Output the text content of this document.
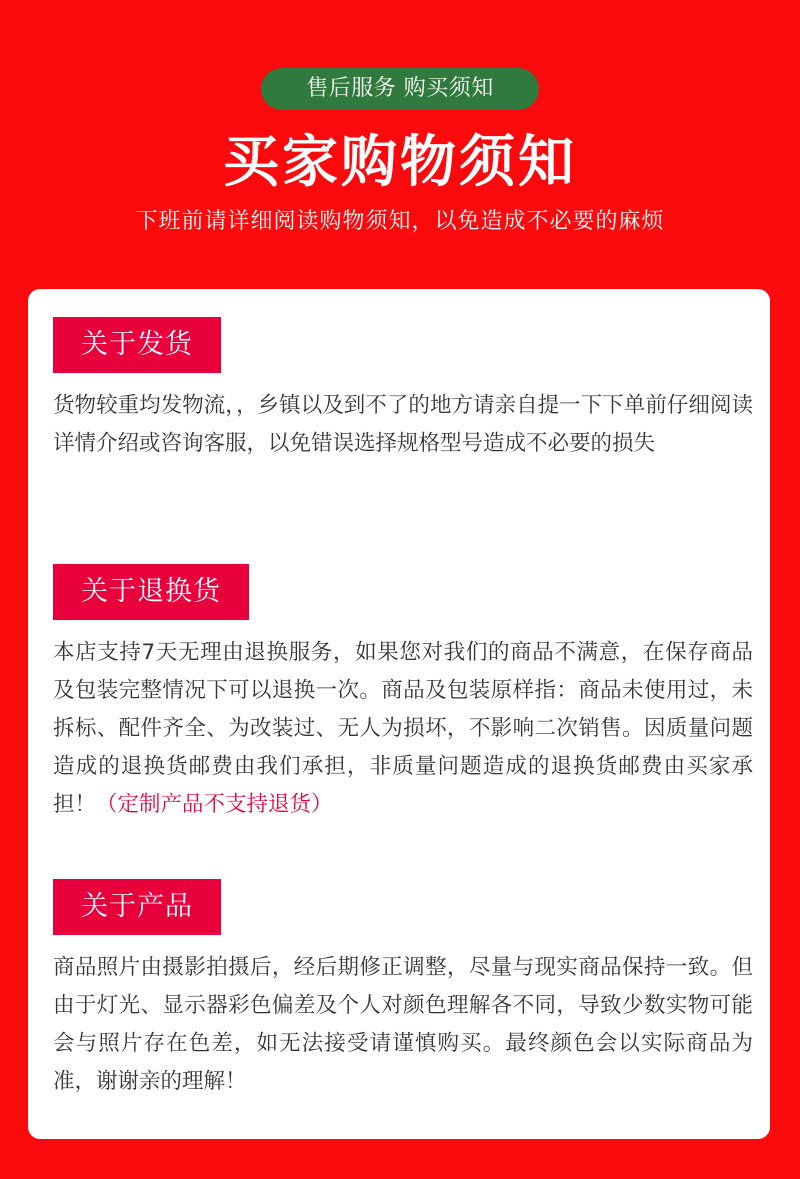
售后服务 购买须知
买家购物须知
下班前请详细阅读购物须知，以免造成不必要的麻烦
关于发货
货物较重均发物流，，乡镇以及到不了的地方请亲自提一下下单前仔细阅读详情介绍或咨询客服，以免错误选择规格型号造成不必要的损失
关于退换货
本店支持7天无理由退换服务，如果您对我们的商品不满意，在保存商品及包装完整情况下可以退换一次。商品及包装原样指：商品未使用过，未拆标、配件齐全、为改装过、无人为损坏，不影响二次销售。因质量问题造成的退换货邮费由我们承担，非质量问题造成的退换货邮费由买家承担！（定制产品不支持退货）
关于产品
商品照片由摄影拍摄后，经后期修正调整，尽量与现实商品保持一致。但由于灯光、显示器彩色偏差及个人对颜色理解各不同，导致少数实物可能会与照片存在色差，如无法接受请谨慎购买。最终颜色会以实际商品为准，谢谢亲的理解！
